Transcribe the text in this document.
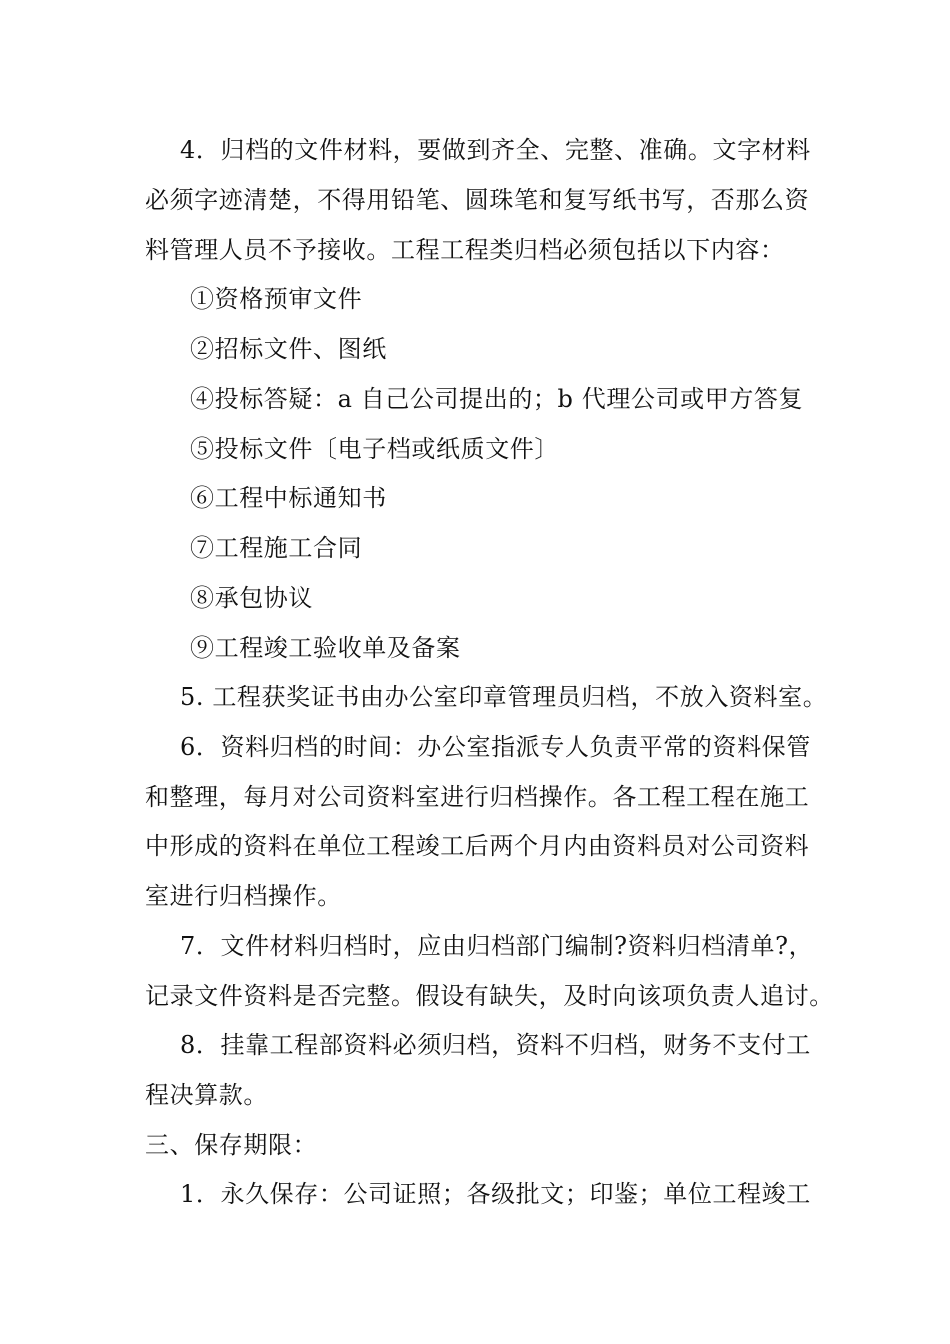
4．归档的文件材料，要做到齐全、完整、准确。文字材料
必须字迹清楚，不得用铅笔、圆珠笔和复写纸书写，否那么资
料管理人员不予接收。工程工程类归档必须包括以下内容：
①资格预审文件
②招标文件、图纸
④投标答疑：a 自己公司提出的；b 代理公司或甲方答复
⑤投标文件〔电子档或纸质文件〕
⑥工程中标通知书
⑦工程施工合同
⑧承包协议
⑨工程竣工验收单及备案
5. 工程获奖证书由办公室印章管理员归档，不放入资料室。
6．资料归档的时间：办公室指派专人负责平常的资料保管
和整理，每月对公司资料室进行归档操作。各工程工程在施工
中形成的资料在单位工程竣工后两个月内由资料员对公司资料
室进行归档操作。
7．文件材料归档时，应由归档部门编制?资料归档清单?，
记录文件资料是否完整。假设有缺失，及时向该项负责人追讨。
8．挂靠工程部资料必须归档，资料不归档，财务不支付工
程决算款。
三、保存期限：
1．永久保存：公司证照；各级批文；印鉴；单位工程竣工
